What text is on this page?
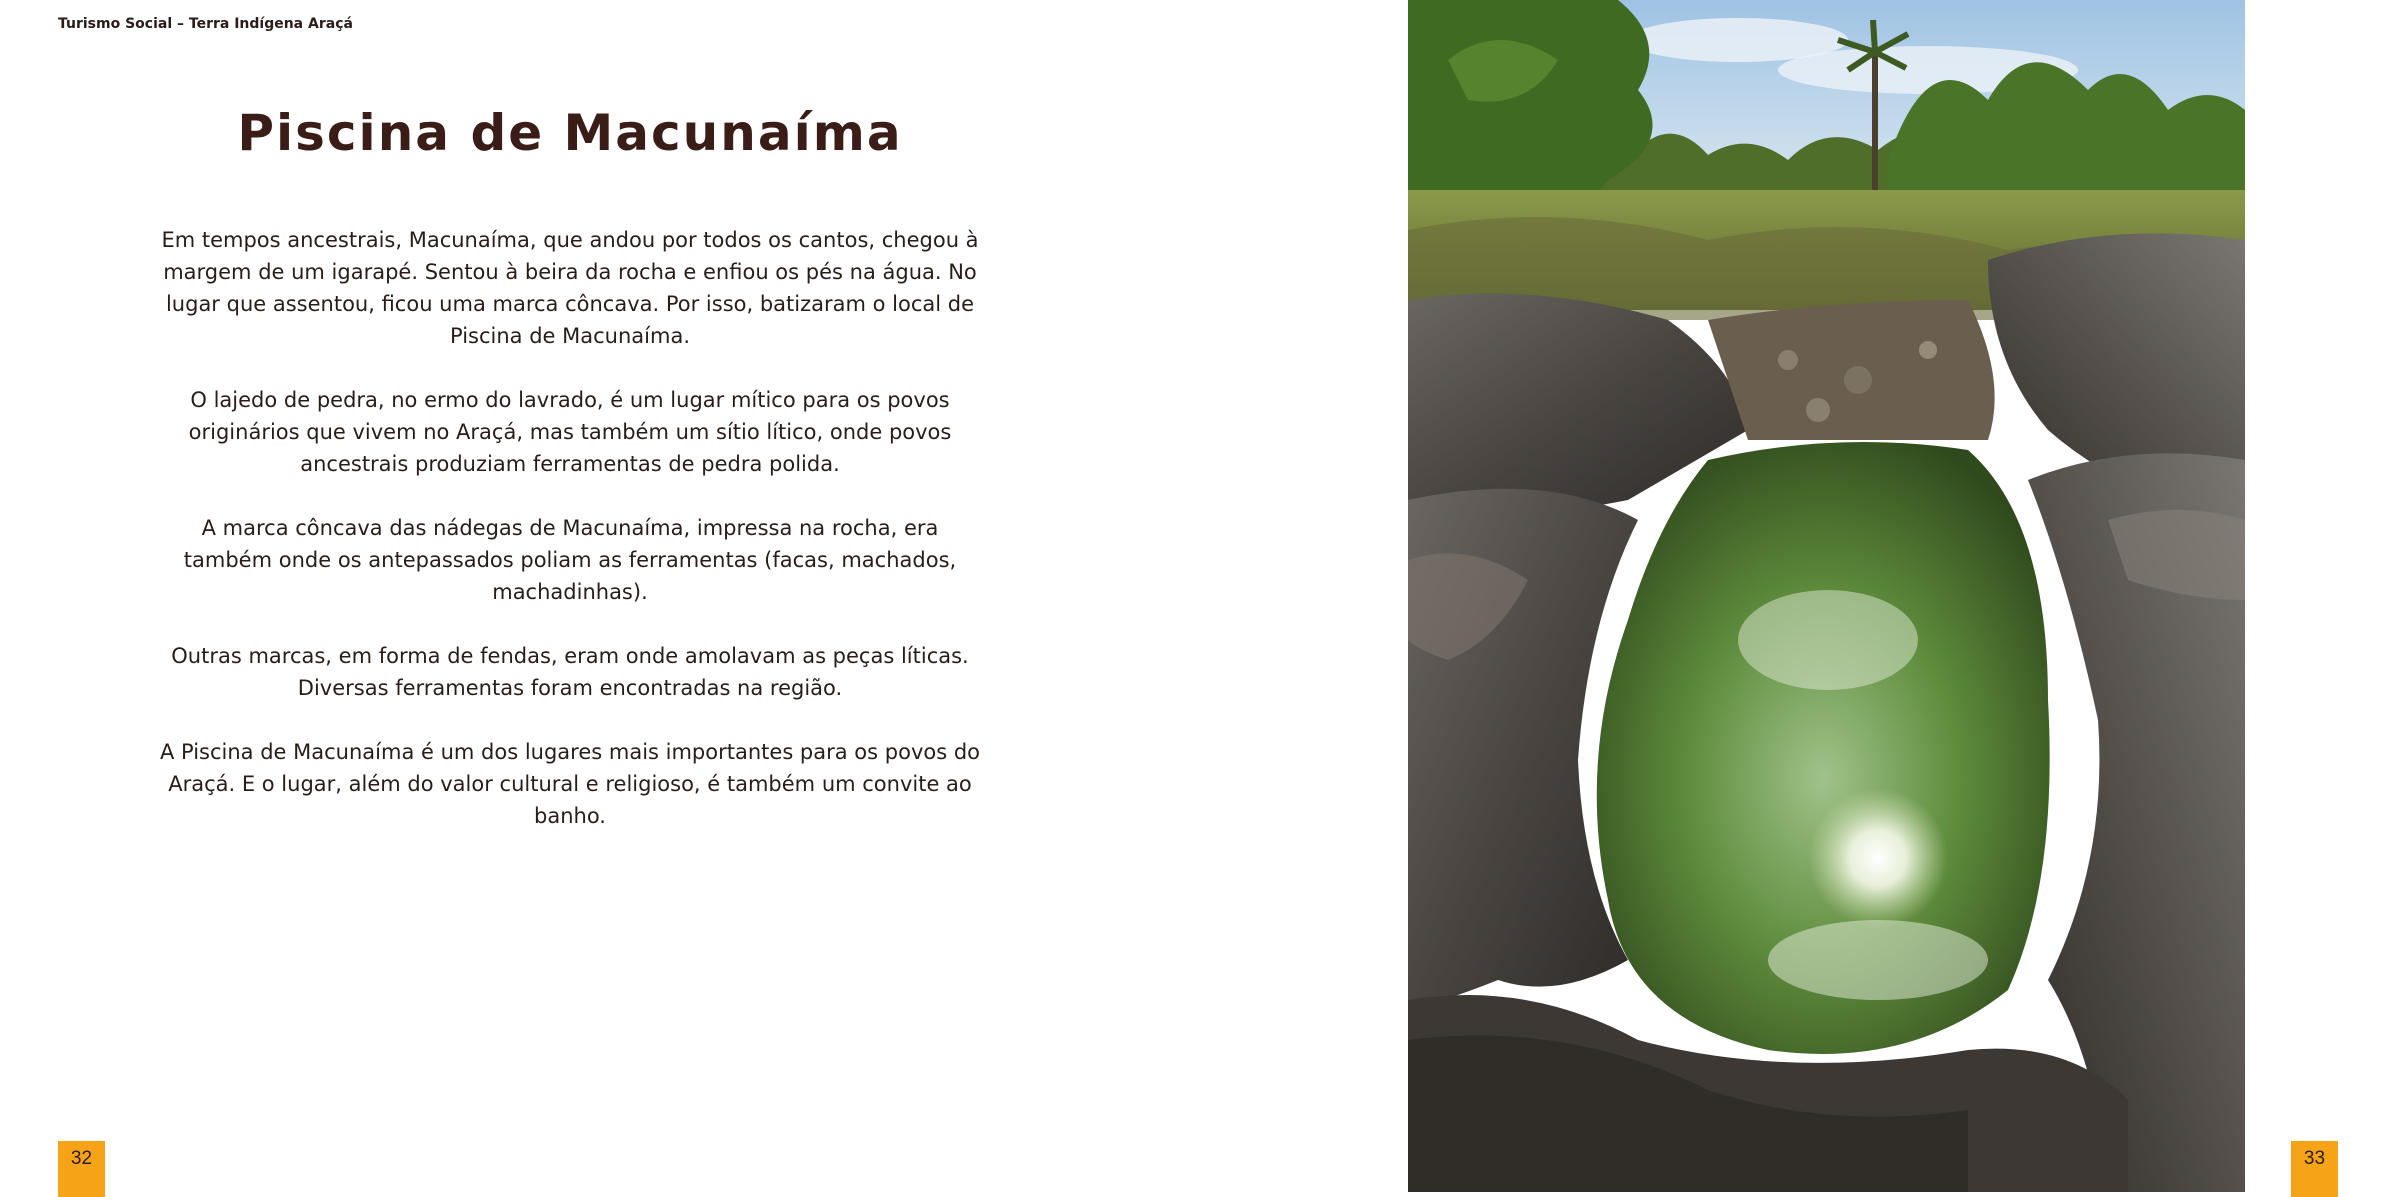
Turismo Social – Terra Indígena Araçá
Piscina de Macunaíma

Em tempos ancestrais, Macunaíma, que andou por todos os cantos, chegou à margem de um igarapé. Sentou à beira da rocha e enfiou os pés na água. No lugar que assentou, ficou uma marca côncava. Por isso, batizaram o local de Piscina de Macunaíma.

O lajedo de pedra, no ermo do lavrado, é um lugar mítico para os povos originários que vivem no Araçá, mas também um sítio lítico, onde povos ancestrais produziam ferramentas de pedra polida.

A marca côncava das nádegas de Macunaíma, impressa na rocha, era também onde os antepassados poliam as ferramentas (facas, machados, machadinhas).

Outras marcas, em forma de fendas, eram onde amolavam as peças líticas. Diversas ferramentas foram encontradas na região.

A Piscina de Macunaíma é um dos lugares mais importantes para os povos do Araçá. E o lugar, além do valor cultural e religioso, é também um convite ao banho.

32	33
